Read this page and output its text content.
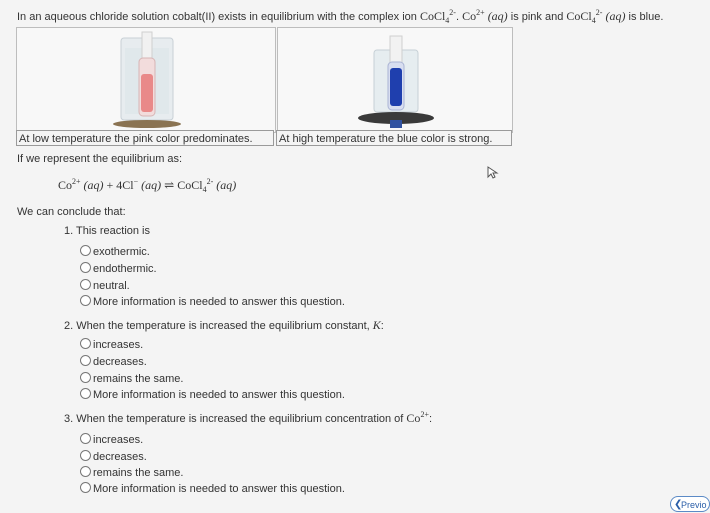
In an aqueous chloride solution cobalt(II) exists in equilibrium with the complex ion CoCl$_4^{2-}$. $Co^{2+}$ (aq) is pink and CoCl$_4^{2-}$ (aq) is blue.
At low temperature the pink color predominates.	At high temperature the blue color is strong.
If we represent the equilibrium as:
$Co^{2+}$ (aq) + 4Cl− (aq) ⇌ CoCl$_4^{2-}$ (aq)
We can conclude that:
1. This reaction is
exothermic.
endothermic.
neutral.
More information is needed to answer this question.
2. When the temperature is increased the equilibrium constant, K:
increases.
decreases.
remains the same.
More information is needed to answer this question.
3. When the temperature is increased the equilibrium concentration of $Co^{2+}$:
increases.
decreases.
remains the same.
More information is needed to answer this question.
❮
Previo
